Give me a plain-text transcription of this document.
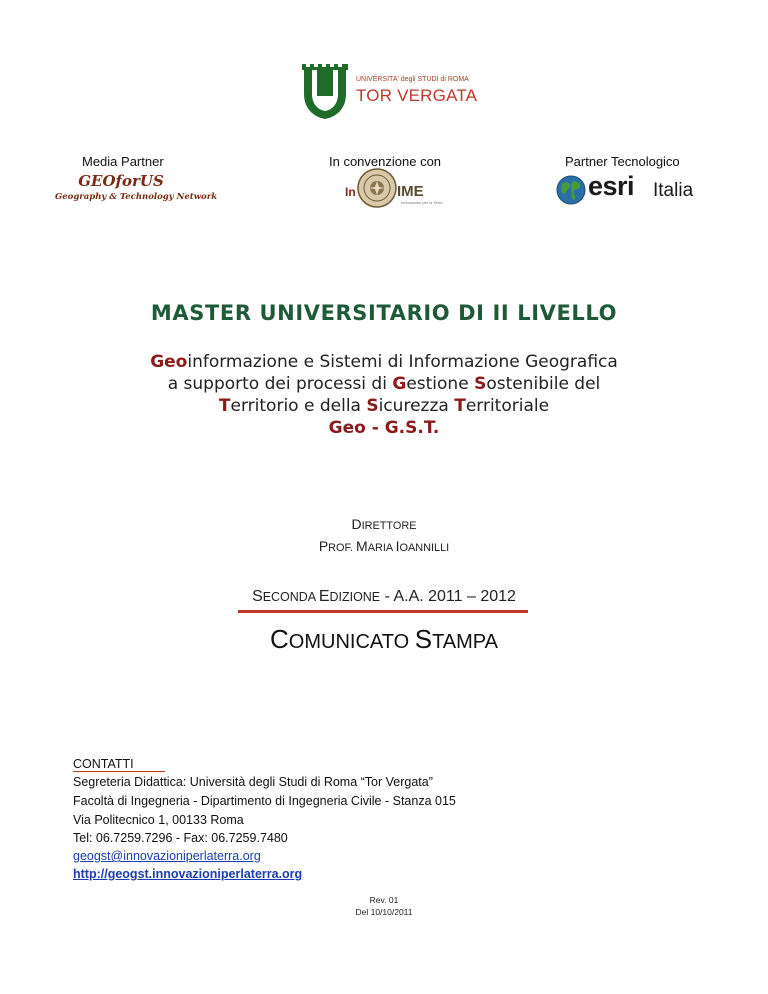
UNIVERSITA' degli STUDI di ROMA
TOR VERGATA
Media Partner	In convenzione con	Partner Tecnologico
GEOforUS
Geography & Technology Network	In	IME
Innovazioni per la Terra
esri Italia
MASTER UNIVERSITARIO DI II LIVELLO
Geoinformazione e Sistemi di Informazione Geografica
a supporto dei processi di Gestione Sostenibile del
Territorio e della Sicurezza Territoriale
Geo - G.S.T.
DIRETTORE
PROF. MARIA IOANNILLI
SECONDA EDIZIONE - A.A. 2011 – 2012
COMUNICATO STAMPA
CONTATTI
Segreteria Didattica: Università degli Studi di Roma “Tor Vergata”
Facoltà di Ingegneria - Dipartimento di Ingegneria Civile - Stanza 015
Via Politecnico 1, 00133 Roma
Tel: 06.7259.7296 - Fax: 06.7259.7480
geogst@innovazioniperlaterra.org
http://geogst.innovazioniperlaterra.org
Rev. 01
Del 10/10/2011
